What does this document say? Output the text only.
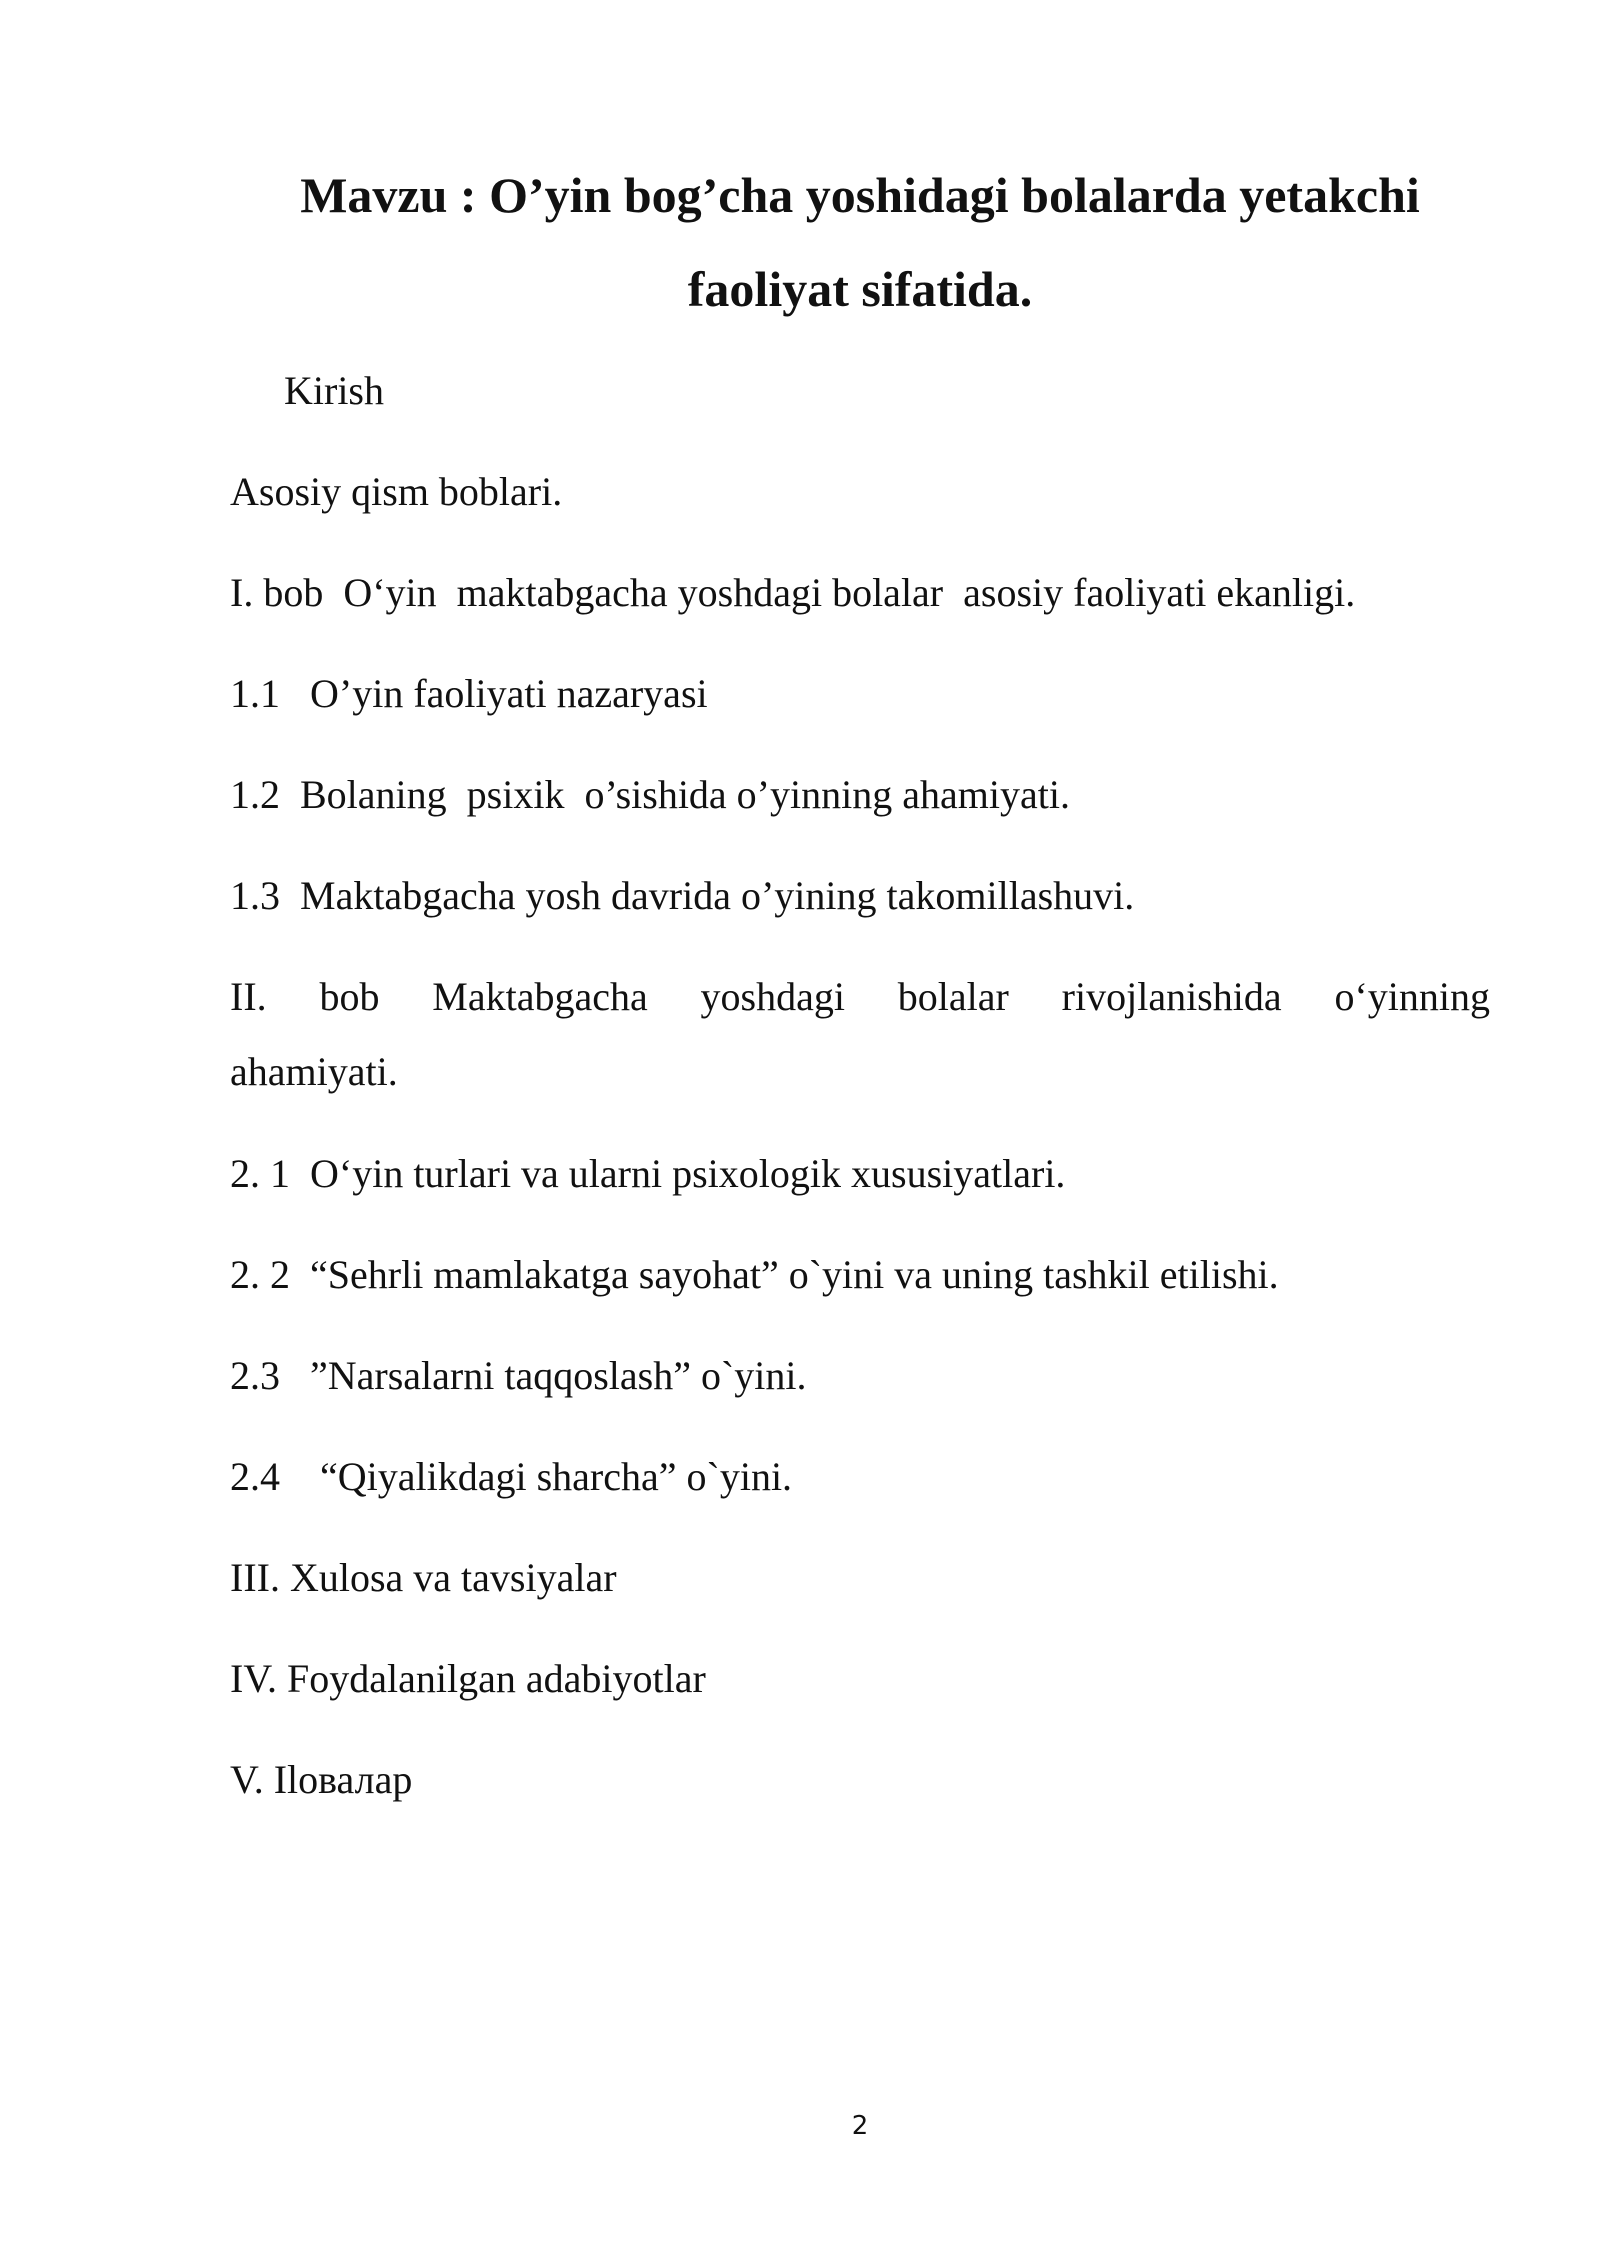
Mavzu : O’yin bog’cha yoshidagi bolalarda yetakchi
faoliyat sifatida.
Kirish
Asosiy qism boblari.
I. bob  O‘yin  maktabgacha yoshdagi bolalar  asosiy faoliyati ekanligi.
1.1   O’yin faoliyati nazaryasi
1.2  Bolaning  psixik  o’sishida o’yinning ahamiyati.
1.3  Maktabgacha yosh davrida o’yining takomillashuvi.
II. bob Maktabgacha yoshdagi bolalar rivojlanishida o‘yinning
ahamiyati.
2. 1  O‘yin turlari va ularni psixologik xususiyatlari.
2. 2  “Sehrli mamlakatga sayohat” o`yini va uning tashkil etilishi.
2.3   ”Narsalarni taqqoslash” o`yini.
2.4    “Qiyalikdagi sharcha” o`yini.
III. Xulosa va tavsiyalar
IV. Foydalanilgan adabiyotlar
V. Ilовалар
2
